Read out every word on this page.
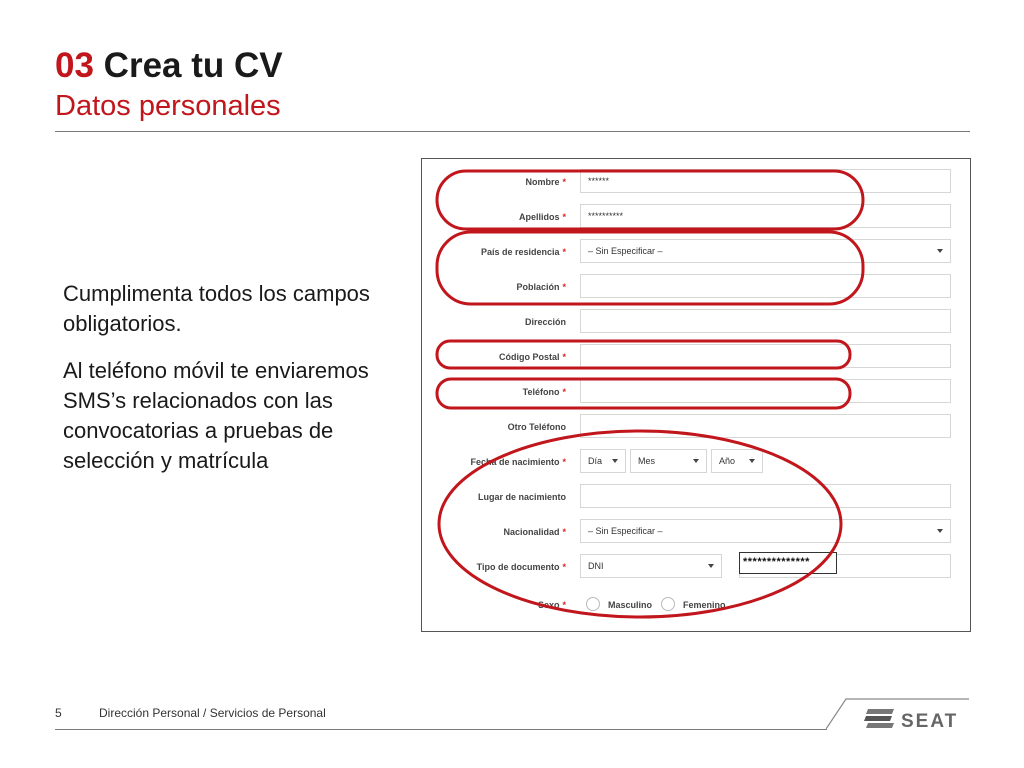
03 Crea tu CV
Datos personales

Cumplimenta todos los campos obligatorios.

Al teléfono móvil te enviaremos SMS’s relacionados con las convocatorias a pruebas de selección y matrícula

Nombre *	******
Apellidos *	**********
País de residencia *	– Sin Especificar –
Población *
Dirección
Código Postal *
Teléfono *
Otro Teléfono
Fecha de nacimiento *	Día	Mes	Año
Lugar de nacimiento
Nacionalidad *	– Sin Especificar –
Tipo de documento *	DNI	**************
Sexo *	Masculino	Femenino
5	Dirección Personal / Servicios de Personal	SEAT
